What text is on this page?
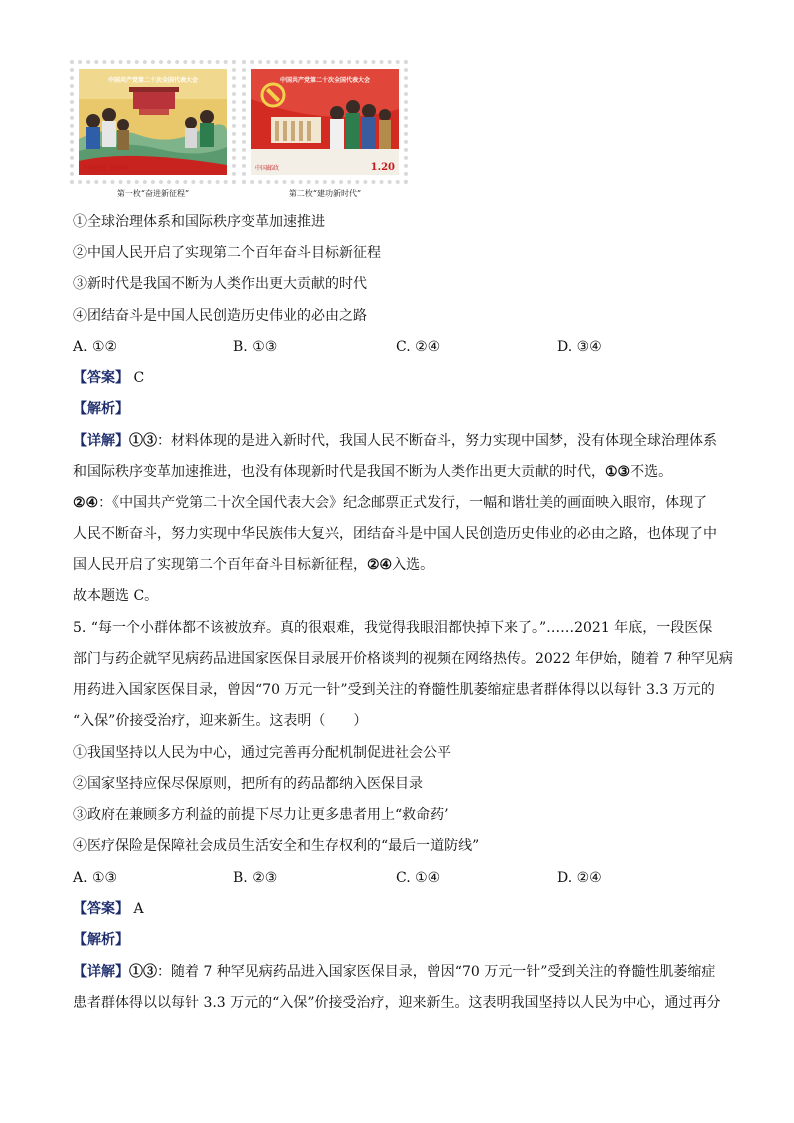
中国共产党第二十次全国代表大会
中国邮政 CHINA
中国共产党第二十次全国代表大会
中国邮政	1.20
第一枚“奋进新征程”	第二枚“建功新时代”
①全球治理体系和国际秩序变革加速推进
②中国人民开启了实现第二个百年奋斗目标新征程
③新时代是我国不断为人类作出更大贡献的时代
④团结奋斗是中国人民创造历史伟业的必由之路
A. ①②	B. ①③	C. ②④	D. ③④
【答案】 C
【解析】
【详解】①③：材料体现的是进入新时代，我国人民不断奋斗，努力实现中国梦，没有体现全球治理体系
和国际秩序变革加速推进，也没有体现新时代是我国不断为人类作出更大贡献的时代，①③不选。
②④：《中国共产党第二十次全国代表大会》纪念邮票正式发行，一幅和谐壮美的画面映入眼帘，体现了
人民不断奋斗，努力实现中华民族伟大复兴，团结奋斗是中国人民创造历史伟业的必由之路，也体现了中
国人民开启了实现第二个百年奋斗目标新征程，②④入选。
故本题选 C。
5. “每一个小群体都不该被放弃。真的很艰难，我觉得我眼泪都快掉下来了。”……2021 年底，一段医保
部门与药企就罕见病药品进国家医保目录展开价格谈判的视频在网络热传。2022 年伊始，随着 7 种罕见病
用药进入国家医保目录，曾因“70 万元一针”受到关注的脊髓性肌萎缩症患者群体得以以每针 3.3 万元的
“入保”价接受治疗，迎来新生。这表明（　　）
①我国坚持以人民为中心，通过完善再分配机制促进社会公平
②国家坚持应保尽保原则，把所有的药品都纳入医保目录
③政府在兼顾多方利益的前提下尽力让更多患者用上“救命药’
④医疗保险是保障社会成员生活安全和生存权利的“最后一道防线”
A. ①③	B. ②③	C. ①④	D. ②④
【答案】 A
【解析】
【详解】①③：随着 7 种罕见病药品进入国家医保目录，曾因“70 万元一针”受到关注的脊髓性肌萎缩症
患者群体得以以每针 3.3 万元的“入保”价接受治疗，迎来新生。这表明我国坚持以人民为中心，通过再分
